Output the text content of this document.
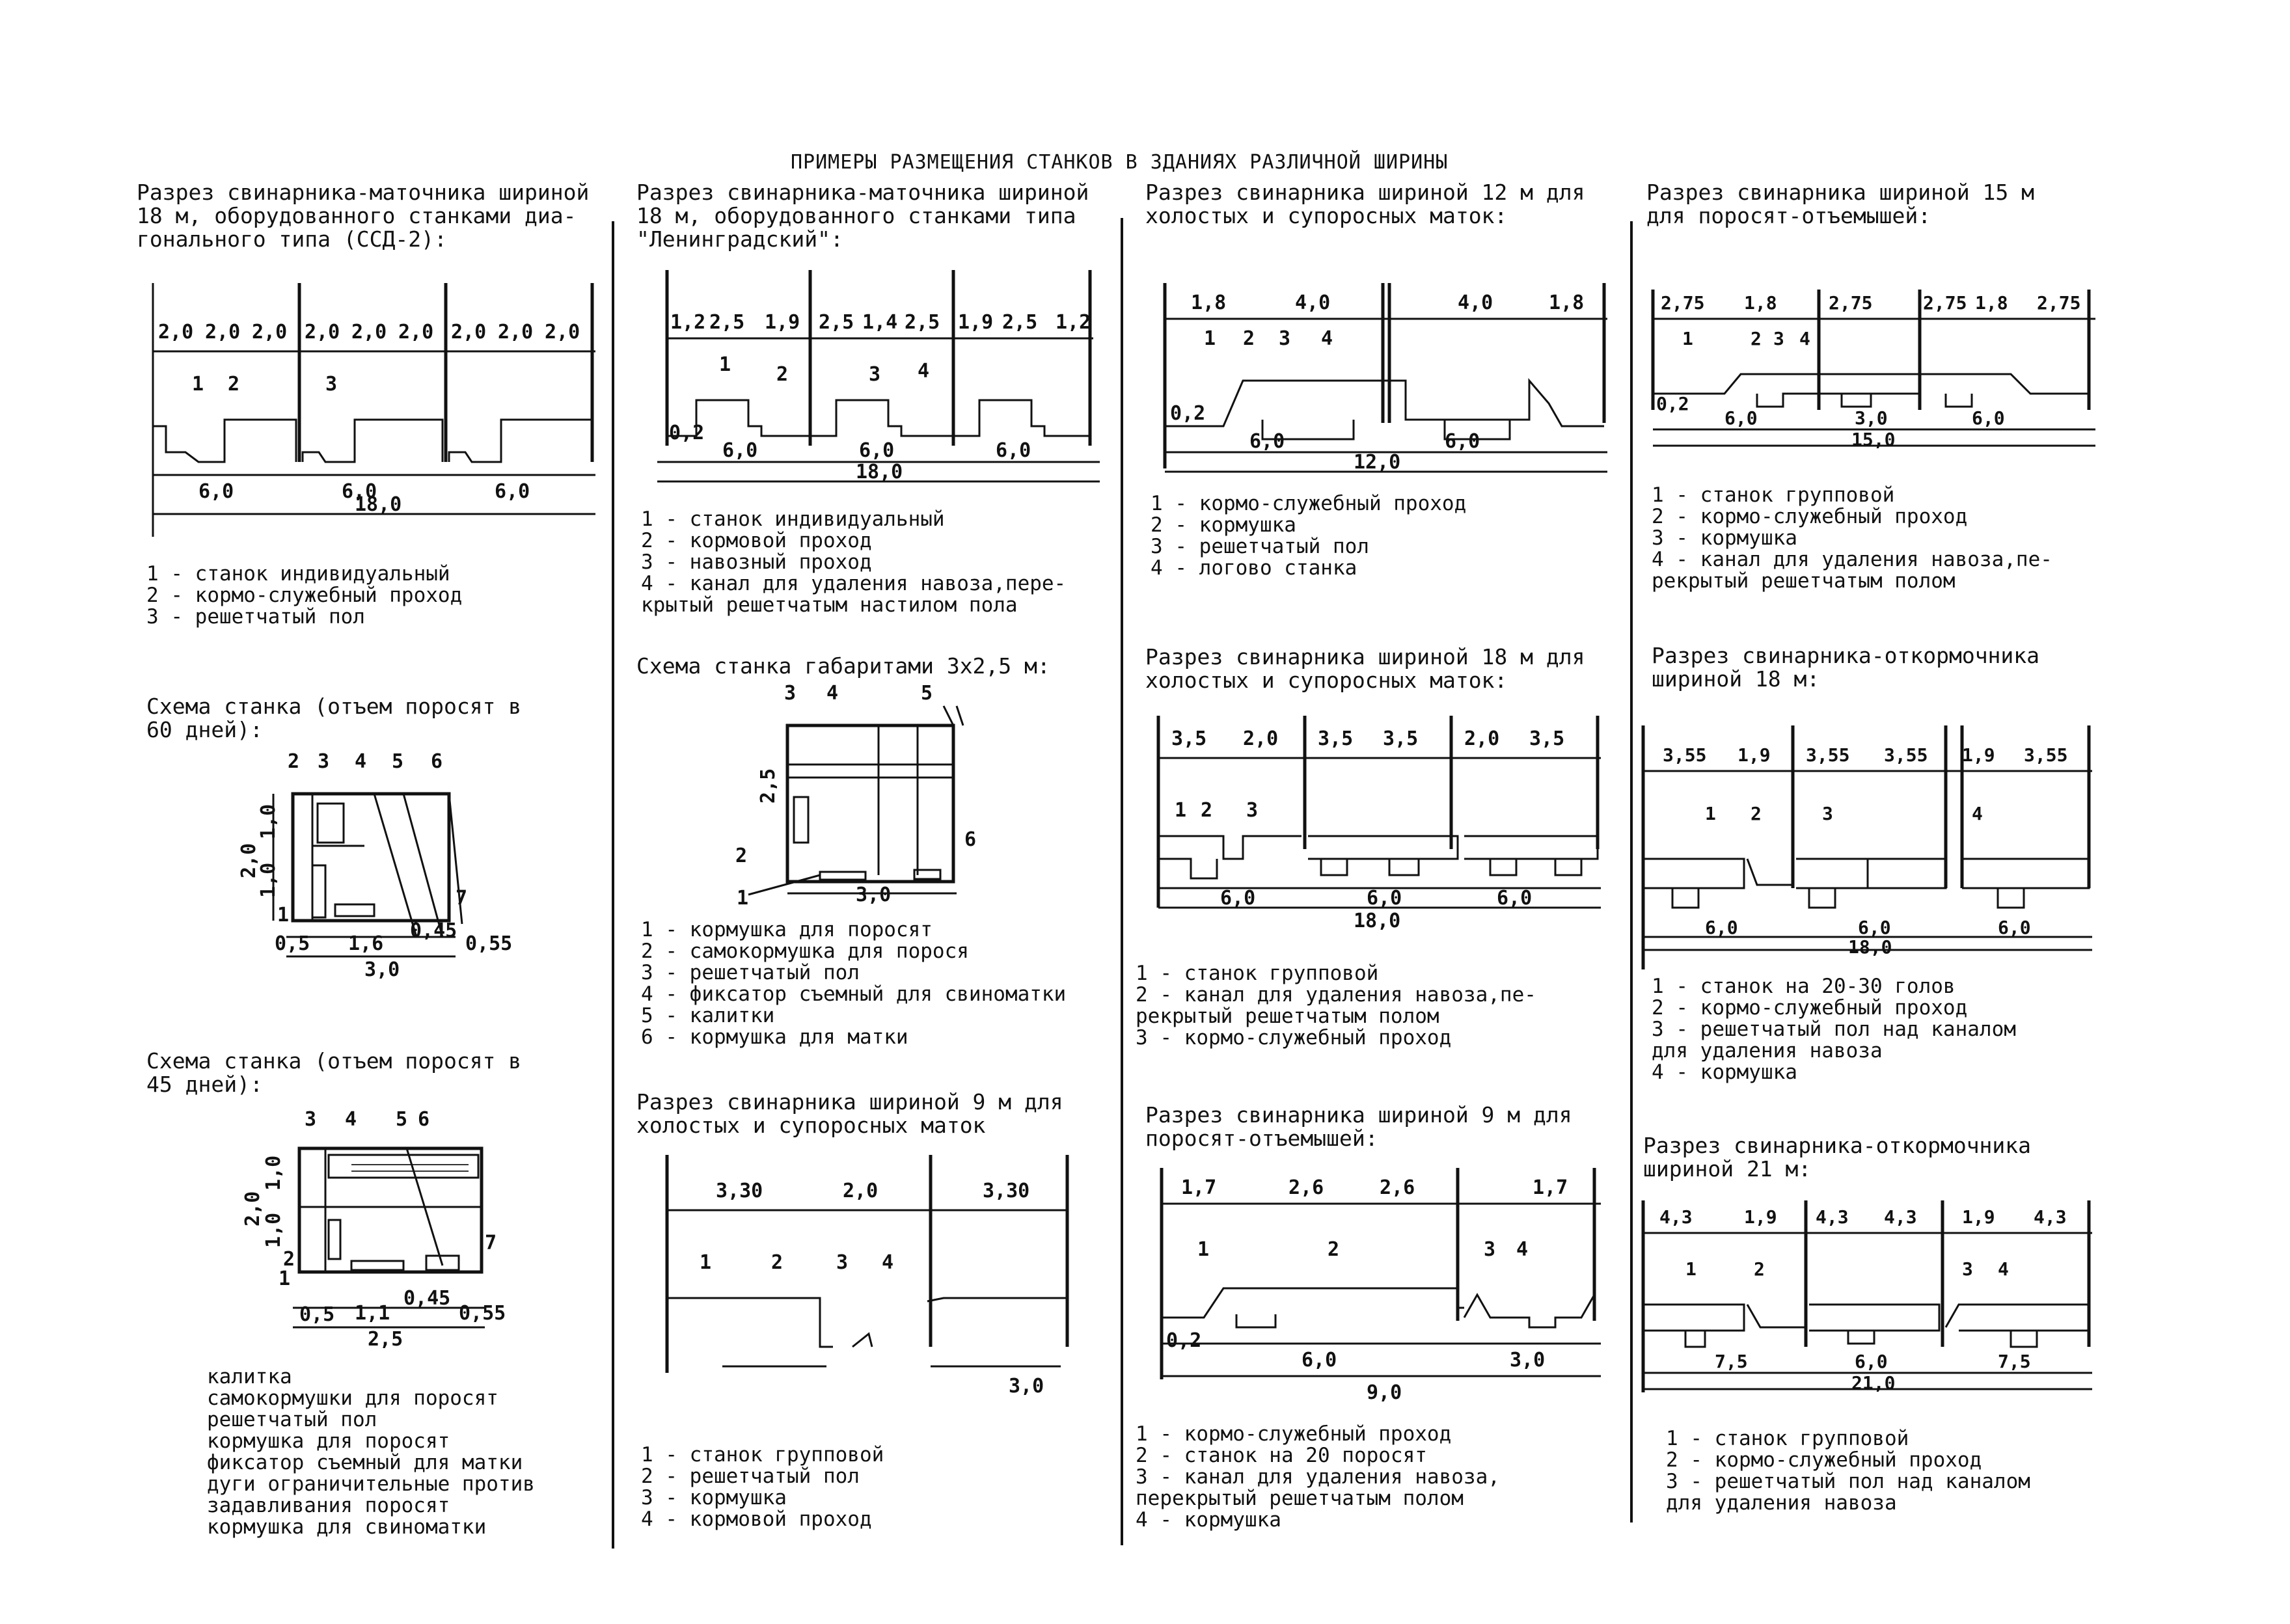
ПРИМЕРЫ РАЗМЕЩЕНИЯ СТАНКОВ В ЗДАНИЯХ РАЗЛИЧНОЙ ШИРИНЫ
Разрез свинарника-маточника шириной
18 м, оборудованного станками диа-
гонального типа (ССД-2):
2,0 2,0 2,0 2,0 2,0 2,0 2,0 2,0 2,0
1 2	3
6,0	6,0	6,0
18,0
1 - станок индивидуальный
2 - кормо-служебный проход
3 - решетчатый пол
Схема станка (отъем поросят в
60 дней):
2 3 4 5 6
1
7
2,0
1,0
1,0
0,5 1,6
0,45
0,55
3,0
Схема станка (отъем поросят в
45 дней):
3 4 5 6
2
1
7
2,0
1,0
1,0
0,5 1,1
0,45
0,55
2,5
калитка
самокормушки для поросят
решетчатый пол
кормушка для поросят
фиксатор съемный для матки
дуги ограничительные против
задавливания поросят
кормушка для свиноматки
Разрез свинарника-маточника шириной
18 м, оборудованного станками типа
"Ленинградский":
1,2 2,5 1,9 2,5 1,4 2,5 1,9 2,5 1,2
1 2	3 4
0,2
6,0	6,0	6,0
18,0
1 - станок индивидуальный
2 - кормовой проход
3 - навозный проход
4 - канал для удаления навоза,пере-
крытый решетчатым настилом пола
Схема станка габаритами 3х2,5 м:
3 4	5
2
6
1
2,5
3,0
1 - кормушка для поросят
2 - самокормушка для порося
3 - решетчатый пол
4 - фиксатор съемный для свиноматки
5 - калитки
6 - кормушка для матки
Разрез свинарника шириной 9 м для
холостых и супоросных маток
3,30	2,0	3,30
1	2	3 4
3,0
1 - станок групповой
2 - решетчатый пол
3 - кормушка
4 - кормовой проход
Разрез свинарника шириной 12 м для
холостых и супоросных маток:
1,8	4,0	4,0	1,8
1 2 3 4
0,2
6,0	6,0
12,0
1 - кормо-служебный проход
2 - кормушка
3 - решетчатый пол
4 - логово станка
Разрез свинарника шириной 18 м для
холостых и супоросных маток:
3,5 2,0 3,5 3,5 2,0 3,5
1 2 3
6,0	6,0	6,0
18,0
1 - станок групповой
2 - канал для удаления навоза,пе-
рекрытый решетчатым полом
3 - кормо-служебный проход
Разрез свинарника шириной 9 м для
поросят-отъемышей:
1,7	2,6	2,6	1,7
1	2	3 4
0,2
6,0	3,0
9,0
1 - кормо-служебный проход
2 - станок на 20 поросят
3 - канал для удаления навоза,
перекрытый решетчатым полом
4 - кормушка
Разрез свинарника шириной 15 м
для поросят-отъемышей:
2,75 1,8	2,75	2,75 1,8 2,75
1	2 3 4
0,2
6,0	3,0	6,0
15,0
1 - станок групповой
2 - кормо-служебный проход
3 - кормушка
4 - канал для удаления навоза,пе-
рекрытый решетчатым полом
Разрез свинарника-откормочника
шириной 18 м:
3,55 1,9 3,55 3,55 1,9 3,55
1 2	3	4
6,0	6,0	6,0
18,0
1 - станок на 20-30 голов
2 - кормо-служебный проход
3 - решетчатый пол над каналом
для удаления навоза
4 - кормушка
Разрез свинарника-откормочника
шириной 21 м:
4,3	1,9 4,3 4,3 1,9 4,3
1	2	3 4
7,5	6,0	7,5
21,0
1 - станок групповой
2 - кормо-служебный проход
3 - решетчатый пол над каналом
для удаления навоза
